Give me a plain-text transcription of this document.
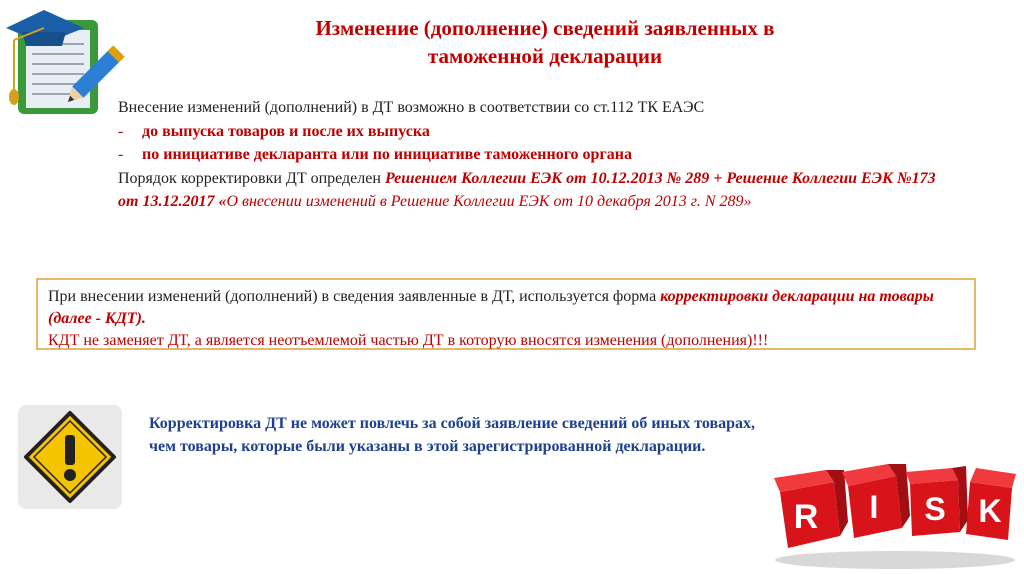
Изменение (дополнение) сведений заявленных в
таможенной декларации
Внесение изменений (дополнений) в ДТ возможно в соответствии со ст.112 ТК ЕАЭС
- до выпуска товаров и после их выпуска
- по инициативе декларанта или по инициативе таможенного органа
Порядок корректировки ДТ определен Решением Коллегии ЕЭК от 10.12.2013 № 289 + Решение Коллегии ЕЭК №173 от 13.12.2017 «О внесении изменений в Решение Коллегии ЕЭК от 10 декабря 2013 г. N 289»
При внесении изменений (дополнений) в сведения заявленные в ДТ, используется форма корректировки декларации на товары (далее - КДТ).
КДТ не заменяет ДТ, а является неотъемлемой частью ДТ в которую вносятся изменения (дополнения)!!!
Корректировка ДТ не может повлечь за собой заявление сведений об иных товарах,
чем товары, которые были указаны в этой зарегистрированной декларации.
R I S K
